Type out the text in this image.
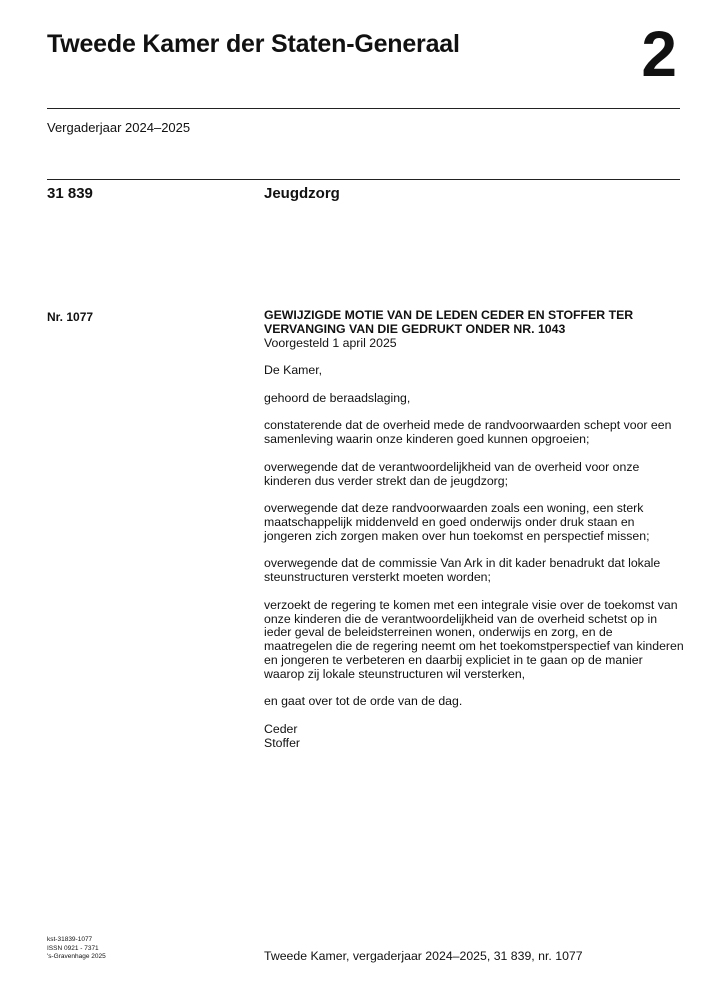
Tweede Kamer der Staten-Generaal	2
Vergaderjaar 2024–2025
31 839	Jeugdzorg
Nr. 1077	GEWIJZIGDE MOTIE VAN DE LEDEN CEDER EN STOFFER TER VERVANGING VAN DIE GEDRUKT ONDER NR. 1043
Voorgesteld 1 april 2025

De Kamer,

gehoord de beraadslaging,

constaterende dat de overheid mede de randvoorwaarden schept voor een samenleving waarin onze kinderen goed kunnen opgroeien;

overwegende dat de verantwoordelijkheid van de overheid voor onze kinderen dus verder strekt dan de jeugdzorg;

overwegende dat deze randvoorwaarden zoals een woning, een sterk maatschappelijk middenveld en goed onderwijs onder druk staan en jongeren zich zorgen maken over hun toekomst en perspectief missen;

overwegende dat de commissie Van Ark in dit kader benadrukt dat lokale steunstructuren versterkt moeten worden;

verzoekt de regering te komen met een integrale visie over de toekomst van onze kinderen die de verantwoordelijkheid van de overheid schetst op in ieder geval de beleidsterreinen wonen, onderwijs en zorg, en de maatregelen die de regering neemt om het toekomstperspectief van kinderen en jongeren te verbeteren en daarbij expliciet in te gaan op de manier waarop zij lokale steunstructuren wil versterken,

en gaat over tot de orde van de dag.

Ceder
Stoffer
kst-31839-1077
ISSN 0921 - 7371
's-Gravenhage 2025	Tweede Kamer, vergaderjaar 2024–2025, 31 839, nr. 1077
